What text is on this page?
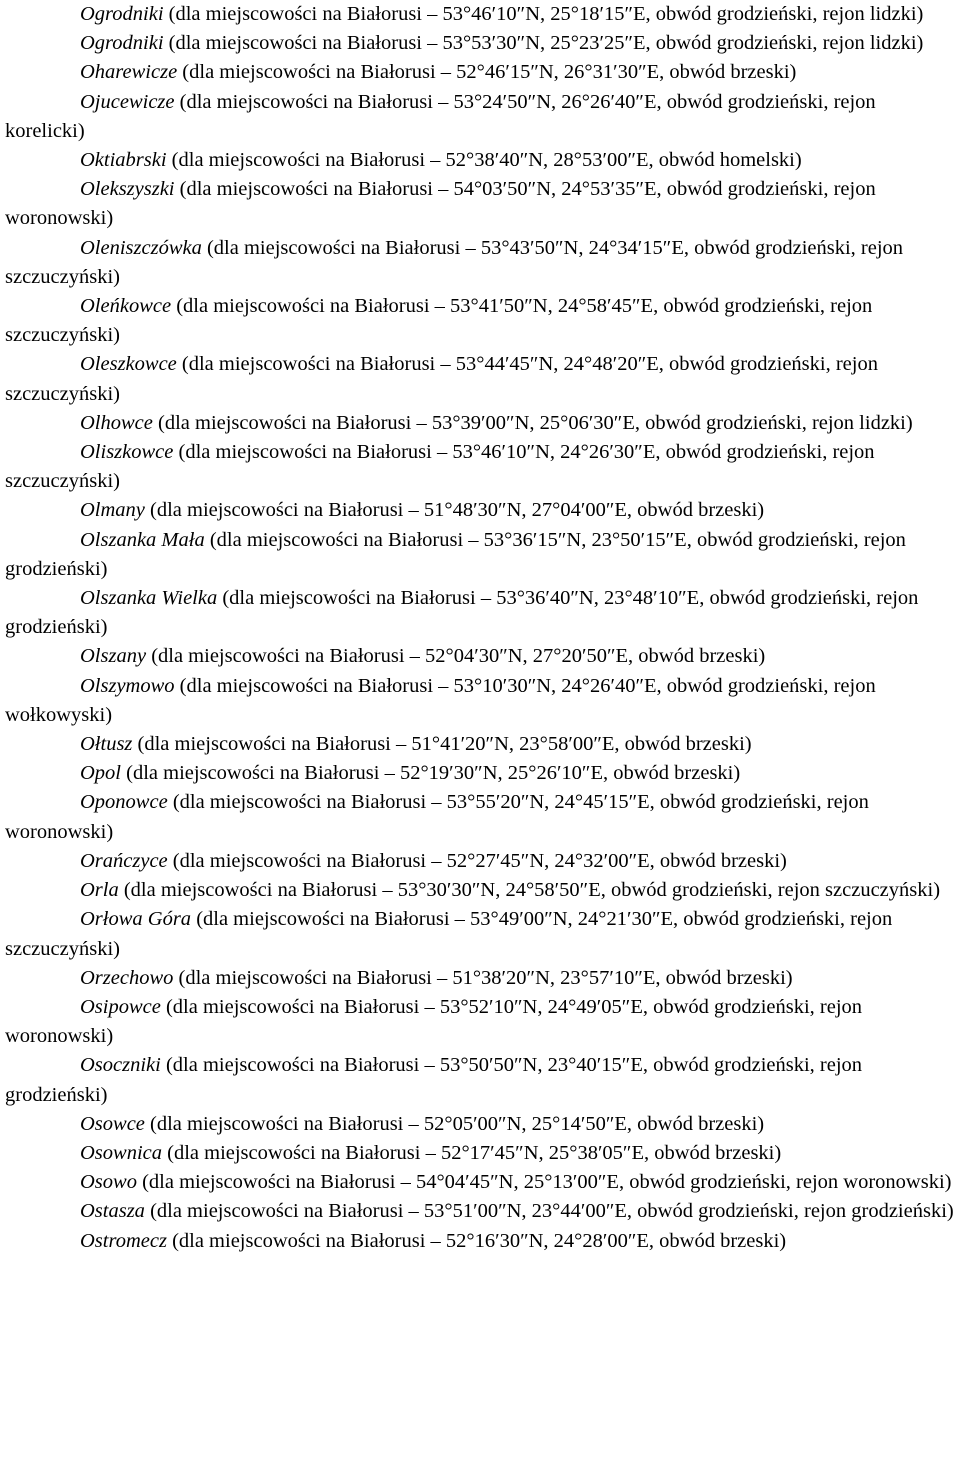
Ogrodniki (dla miejscowości na Białorusi – 53°46′10″N, 25°18′15″E, obwód grodzieński, rejon lidzki)

Ogrodniki (dla miejscowości na Białorusi – 53°53′30″N, 25°23′25″E, obwód grodzieński, rejon lidzki)

Oharewicze (dla miejscowości na Białorusi – 52°46′15″N, 26°31′30″E, obwód brzeski)

Ojucewicze (dla miejscowości na Białorusi – 53°24′50″N, 26°26′40″E, obwód grodzieński, rejon korelicki)

Oktiabrski (dla miejscowości na Białorusi – 52°38′40″N, 28°53′00″E, obwód homelski)

Olekszyszki (dla miejscowości na Białorusi – 54°03′50″N, 24°53′35″E, obwód grodzieński, rejon woronowski)

Oleniszczówka (dla miejscowości na Białorusi – 53°43′50″N, 24°34′15″E, obwód grodzieński, rejon szczuczyński)

Oleńkowce (dla miejscowości na Białorusi – 53°41′50″N, 24°58′45″E, obwód grodzieński, rejon szczuczyński)

Oleszkowce (dla miejscowości na Białorusi – 53°44′45″N, 24°48′20″E, obwód grodzieński, rejon szczuczyński)

Olhowce (dla miejscowości na Białorusi – 53°39′00″N, 25°06′30″E, obwód grodzieński, rejon lidzki)

Oliszkowce (dla miejscowości na Białorusi – 53°46′10″N, 24°26′30″E, obwód grodzieński, rejon szczuczyński)

Olmany (dla miejscowości na Białorusi – 51°48′30″N, 27°04′00″E, obwód brzeski)

Olszanka Mała (dla miejscowości na Białorusi – 53°36′15″N, 23°50′15″E, obwód grodzieński, rejon grodzieński)

Olszanka Wielka (dla miejscowości na Białorusi – 53°36′40″N, 23°48′10″E, obwód grodzieński, rejon grodzieński)

Olszany (dla miejscowości na Białorusi – 52°04′30″N, 27°20′50″E, obwód brzeski)

Olszymowo (dla miejscowości na Białorusi – 53°10′30″N, 24°26′40″E, obwód grodzieński, rejon wołkowyski)

Ołtusz (dla miejscowości na Białorusi – 51°41′20″N, 23°58′00″E, obwód brzeski)

Opol (dla miejscowości na Białorusi – 52°19′30″N, 25°26′10″E, obwód brzeski)

Oponowce (dla miejscowości na Białorusi – 53°55′20″N, 24°45′15″E, obwód grodzieński, rejon woronowski)

Orańczyce (dla miejscowości na Białorusi – 52°27′45″N, 24°32′00″E, obwód brzeski)

Orla (dla miejscowości na Białorusi – 53°30′30″N, 24°58′50″E, obwód grodzieński, rejon szczuczyński)

Orłowa Góra (dla miejscowości na Białorusi – 53°49′00″N, 24°21′30″E, obwód grodzieński, rejon szczuczyński)

Orzechowo (dla miejscowości na Białorusi – 51°38′20″N, 23°57′10″E, obwód brzeski)

Osipowce (dla miejscowości na Białorusi – 53°52′10″N, 24°49′05″E, obwód grodzieński, rejon woronowski)

Osoczniki (dla miejscowości na Białorusi – 53°50′50″N, 23°40′15″E, obwód grodzieński, rejon grodzieński)

Osowce (dla miejscowości na Białorusi – 52°05′00″N, 25°14′50″E, obwód brzeski)

Osownica (dla miejscowości na Białorusi – 52°17′45″N, 25°38′05″E, obwód brzeski)

Osowo (dla miejscowości na Białorusi – 54°04′45″N, 25°13′00″E, obwód grodzieński, rejon woronowski)

Ostasza (dla miejscowości na Białorusi – 53°51′00″N, 23°44′00″E, obwód grodzieński, rejon grodzieński)

Ostromecz (dla miejscowości na Białorusi – 52°16′30″N, 24°28′00″E, obwód brzeski)
